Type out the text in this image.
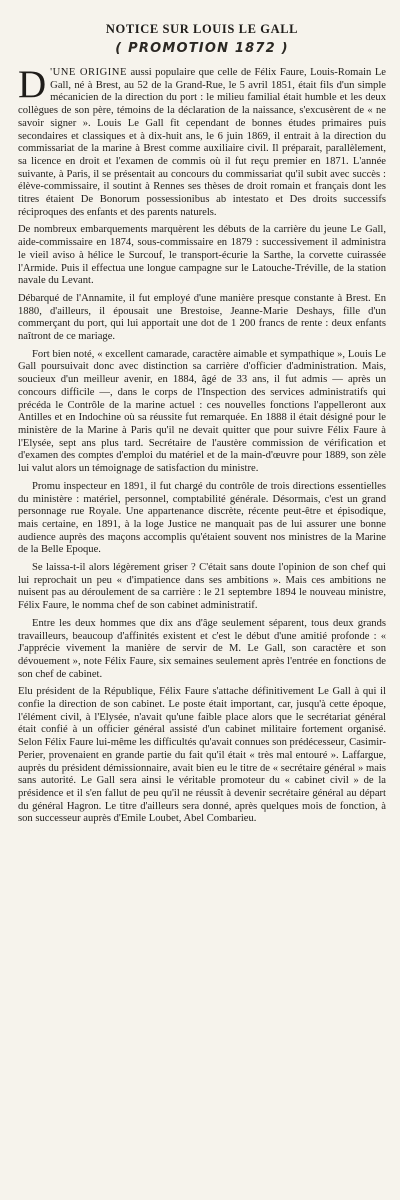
NOTICE SUR LOUIS LE GALL
( PROMOTION 1872 )

D 'UNE ORIGINE aussi populaire que celle de Félix Faure, Louis-Romain Le Gall, né à Brest, au 52 de la Grand-Rue, le 5 avril 1851, était fils d'un simple mécanicien de la direction du port : le milieu familial était humble et les deux collègues de son père, témoins de la déclaration de la naissance, s'excusèrent de « ne savoir signer ». Louis Le Gall fit cependant de bonnes études primaires puis secondaires et classiques et à dix-huit ans, le 6 juin 1869, il entrait à la direction du commissariat de la marine à Brest comme auxiliaire civil. Il préparait, parallèlement, sa licence en droit et l'examen de commis où il fut reçu premier en 1871. L'année suivante, à Paris, il se présentait au concours du commissariat qu'il subit avec succès : élève-commissaire, il soutint à Rennes ses thèses de droit romain et français dont les titres étaient De Bonorum possessionibus ab intestato et Des droits successifs réciproques des enfants et des parents naturels.

De nombreux embarquements marquèrent les débuts de la carrière du jeune Le Gall, aide-commissaire en 1874, sous-commissaire en 1879 : successivement il administra le vieil aviso à hélice le Surcouf, le transport-écurie la Sarthe, la corvette cuirassée l'Armide. Puis il effectua une longue campagne sur le Latouche-Tréville, de la station navale du Levant.

Débarqué de l'Annamite, il fut employé d'une manière presque constante à Brest. En 1880, d'ailleurs, il épousait une Brestoise, Jeanne-Marie Deshays, fille d'un commerçant du port, qui lui apportait une dot de 1 200 francs de rente : deux enfants naîtront de ce mariage.

Fort bien noté, « excellent camarade, caractère aimable et sympathique », Louis Le Gall poursuivait donc avec distinction sa carrière d'officier d'administration. Mais, soucieux d'un meilleur avenir, en 1884, âgé de 33 ans, il fut admis — après un concours difficile —, dans le corps de l'Inspection des services administratifs qui précéda le Contrôle de la marine actuel : ces nouvelles fonctions l'appelleront aux Antilles et en Indochine où sa réussite fut remarquée. En 1888 il était désigné pour le ministère de la Marine à Paris qu'il ne devait quitter que pour suivre Félix Faure à l'Elysée, sept ans plus tard. Secrétaire de l'austère commission de vérification et d'examen des comptes d'emploi du matériel et de la main-d'œuvre pour 1889, son zèle lui valut alors un témoignage de satisfaction du ministre.

Promu inspecteur en 1891, il fut chargé du contrôle de trois directions essentielles du ministère : matériel, personnel, comptabilité générale. Désormais, c'est un grand personnage rue Royale. Une appartenance discrète, récente peut-être et épisodique, mais certaine, en 1891, à la loge Justice ne manquait pas de lui assurer une bonne audience auprès des maçons accomplis qu'étaient souvent nos ministres de la Marine de la Belle Epoque.

Se laissa-t-il alors légèrement griser ? C'était sans doute l'opinion de son chef qui lui reprochait un peu « d'impatience dans ses ambitions ». Mais ces ambitions ne nuisent pas au déroulement de sa carrière : le 21 septembre 1894 le nouveau ministre, Félix Faure, le nomma chef de son cabinet administratif.

Entre les deux hommes que dix ans d'âge seulement séparent, tous deux grands travailleurs, beaucoup d'affinités existent et c'est le début d'une amitié profonde : « J'apprécie vivement la manière de servir de M. Le Gall, son caractère et son dévouement », note Félix Faure, six semaines seulement après l'entrée en fonctions de son chef de cabinet.

Elu président de la République, Félix Faure s'attache définitivement Le Gall à qui il confie la direction de son cabinet. Le poste était important, car, jusqu'à cette époque, l'élément civil, à l'Elysée, n'avait qu'une faible place alors que le secrétariat général était confié à un officier général assisté d'un cabinet militaire fortement organisé. Selon Félix Faure lui-même les difficultés qu'avait connues son prédécesseur, Casimir-Perier, provenaient en grande partie du fait qu'il était « très mal entouré ». Laffargue, auprès du président démissionnaire, avait bien eu le titre de « secrétaire général » mais sans autorité. Le Gall sera ainsi le véritable promoteur du « cabinet civil » de la présidence et il s'en fallut de peu qu'il ne réussît à devenir secrétaire général au départ du général Hagron. Le titre d'ailleurs sera donné, après quelques mois de fonction, à son successeur auprès d'Emile Loubet, Abel Combarieu.
